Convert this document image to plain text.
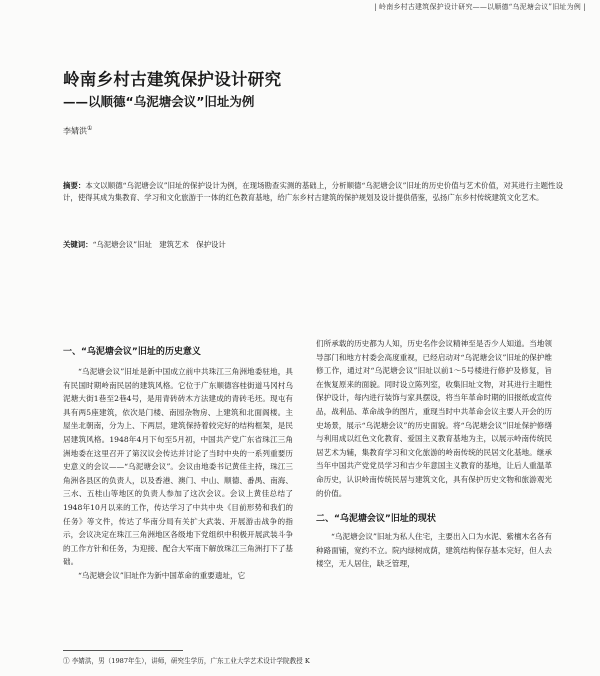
| 岭南乡村古建筑保护设计研究——以顺德“乌泥塘会议”旧址为例 |
岭南乡村古建筑保护设计研究
——以顺德“乌泥塘会议”旧址为例
李婧洪①
摘要：本文以顺德“乌泥塘会议”旧址的保护设计为例，在现场勘查实测的基础上，分析顺德“乌泥塘会议”旧址的历史价值与艺术价值，对其进行主题性设计，使得其成为集教育、学习和文化旅游于一体的红色教育基地，给广东乡村古建筑的保护规划及设计提供借鉴，弘扬广东乡村传统建筑文化艺术。
关键词：“乌泥塘会议”旧址　建筑艺术　保护设计
一、“乌泥塘会议”旧址的历史意义

“乌泥塘会议”旧址是新中国成立前中共珠江三角洲地委驻地，具有民国时期岭南民居的建筑风格。它位于广东顺德容桂街道马冈村乌泥塘大街1巷至2巷4号，是用青砖砖木方法建成的青砖毛坯。现屯有具有两5座建筑，依次是门楼、南园杂物房、上建筑和北面阁楼。主屋坐北朝南，分为上、下两层，建筑保持着较完好的结构框架，是民居建筑风格。1948年4月下旬至5月初，中国共产党广东省珠江三角洲地委在这里召开了第汉议会传达并讨论了当时中央的一系列重要历史意义的会议——“乌泥塘会议”。会议由地委书记黄佳主持，珠江三角洲各县区的负责人，以及香港、澳门、中山、顺德、番禺、南海、三水、五桂山等地区的负责人参加了这次会议。会议上黄佳总结了1948年10月以来的工作，传达学习了中共中央《目前形势和我们的任务》等文件，传达了华南分局有关扩大武装、开展游击战争的指示，会议决定在珠江三角洲地区各级地下党组织中积极开展武装斗争的工作方针和任务，为迎接、配合大军南下解放珠江三角洲打下了基础。

“乌泥塘会议”旧址作为新中国革命的重要遗址，它

们所承载的历史都为人知，历史名作会议精神至是否少人知道。当地领导部门和地方村委会高度重视，已经启动对“乌泥塘会议”旧址的保护维修工作，通过对“乌泥塘会议”旧址以前1～5号楼进行修护及修复，旨在恢复原来的面貌。同时设立陈列室，收集旧址文物，对其进行主题性保护设计，每内进行装饰与家具摆设，将当年革命时期的旧报纸或宣传品，战利品、革命战争的图片，重现当时中共革命会议主要人开会的历史场景，展示“乌泥塘会议”的历史面貌。将“乌泥塘会议”旧址保护修缮与利用成以红色文化教育、爱国主义教育基地为主，以展示岭南传统民居艺术为辅，集教育学习和文化旅游的岭南传统的民居文化基地。继承当年中国共产党党员学习和吉少年意国主义教育的基地，让后人重温革命历史，认识岭南传统民居与建筑文化，具有保护历史文物和旅游观光的价值。

二、“乌泥塘会议”旧址的现状

“乌泥塘会议”旧址为私人住宅，主要出入口为水泥、紫檀木名各有种路面铺，宽约不立。院内绿树成荫，建筑结构保存基本完好，但人去楼空，无人居住，缺乏管理，

① 李婧洪，男（1987年生），讲师，研究生学历，广东工业大学艺术设计学院教授 K
